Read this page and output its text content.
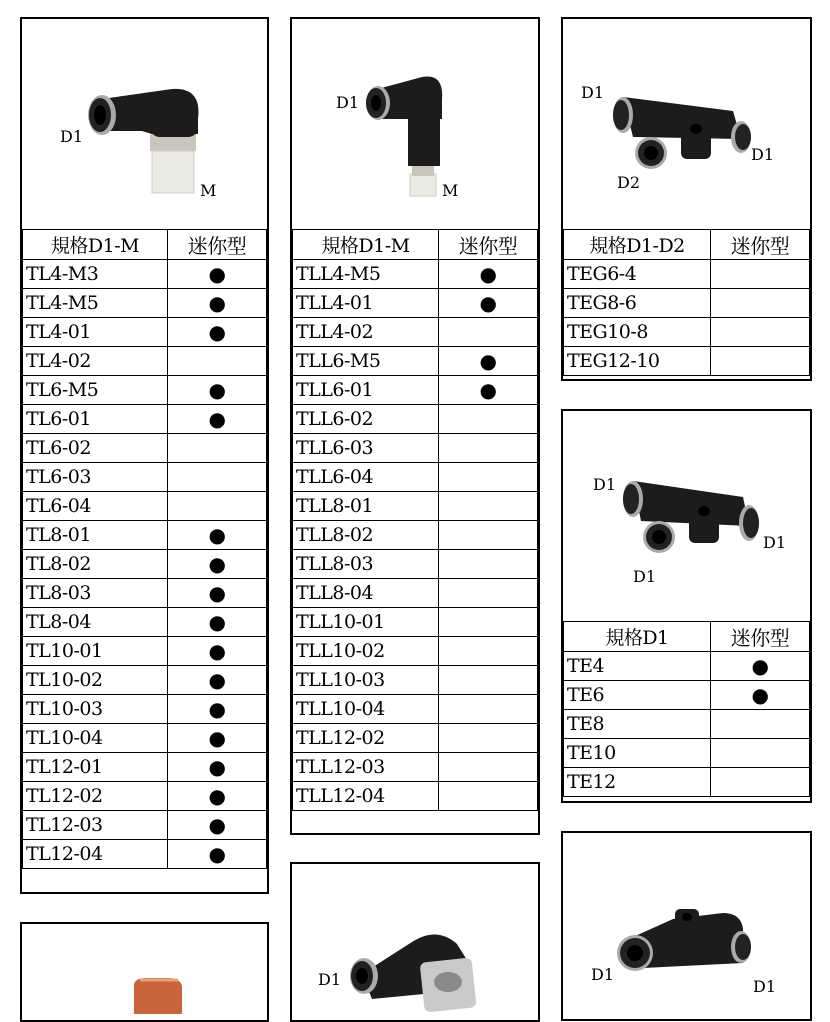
D1
M
規格D1-M	迷你型
TL4-M3	●
TL4-M5	●
TL4-01	●
TL4-02	
TL6-M5	●
TL6-01	●
TL6-02	
TL6-03	
TL6-04	
TL8-01	●
TL8-02	●
TL8-03	●
TL8-04	●
TL10-01	●
TL10-02	●
TL10-03	●
TL10-04	●
TL12-01	●
TL12-02	●
TL12-03	●
TL12-04	●
D1
M
規格D1-M	迷你型
TLL4-M5	●
TLL4-01	●
TLL4-02	
TLL6-M5	●
TLL6-01	●
TLL6-02	
TLL6-03	
TLL6-04	
TLL8-01	
TLL8-02	
TLL8-03	
TLL8-04	
TLL10-01	
TLL10-02	
TLL10-03	
TLL10-04	
TLL12-02	
TLL12-03	
TLL12-04	
D1
D1
D2
規格D1-D2	迷你型
TEG6-4	
TEG8-6	
TEG10-8	
TEG12-10	
D1
D1
D1
規格D1	迷你型
TE4	●
TE6	●
TE8	
TE10	
TE12	
D1	D1
D1
